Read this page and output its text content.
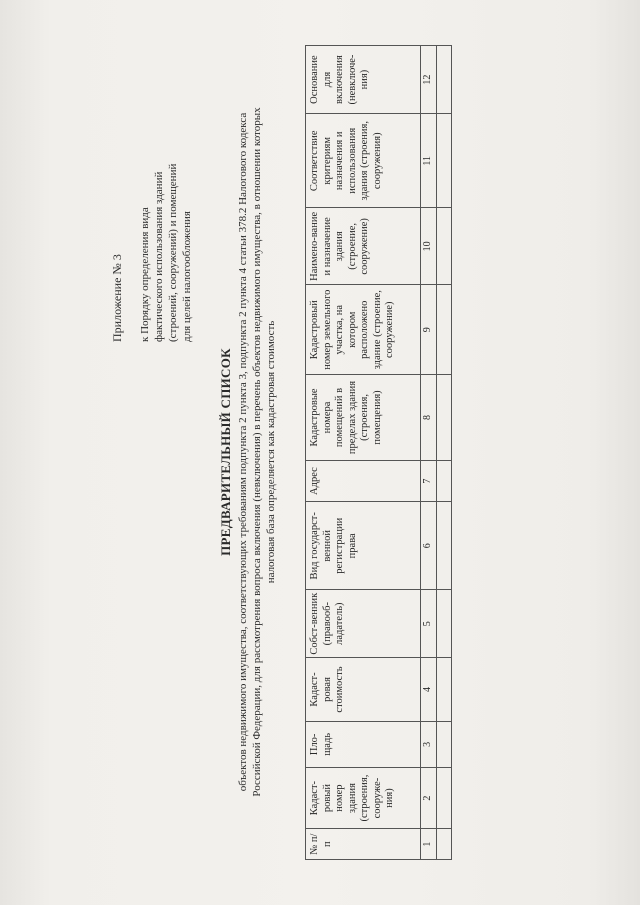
Приложение № 3 к Порядку определения вида фактического использования зданий (строений, сооружений) и помещений для целей налогообложения
ПРЕДВАРИТЕЛЬНЫЙ СПИСОК объектов недвижимого имущества, соответствующих требованиям подпункта 2 пункта 3, подпункта 2 пункта 4 статьи 378.2 Налогового кодекса Российской Федерации, для рассмотрения вопроса включения (невключения) в перечень объектов недвижимого имущества, в отношении которых налоговая база определяется как кадастровая стоимость
№ п/п	Кадаст-ровый номер здания (строения, сооруже-ния)	Пло-щадь	Кадаст-ровая стоимость	Собст-венник (правооб-ладатель)	Вид государст-венной регистрации права	Адрес	Кадастровые номера помещений в пределах здания (строения, помещения)	Кадастровый номер земельного участка, на котором расположено здание (строение, сооружение)	Наимено-вание и назначение здания (строение, сооружение)	Соответствие критериям назначения и использования здания (строения, сооружения)	Основание для включения (невключе-ния)
1	2	3	4	5	6	7	8	9	10	11	12
